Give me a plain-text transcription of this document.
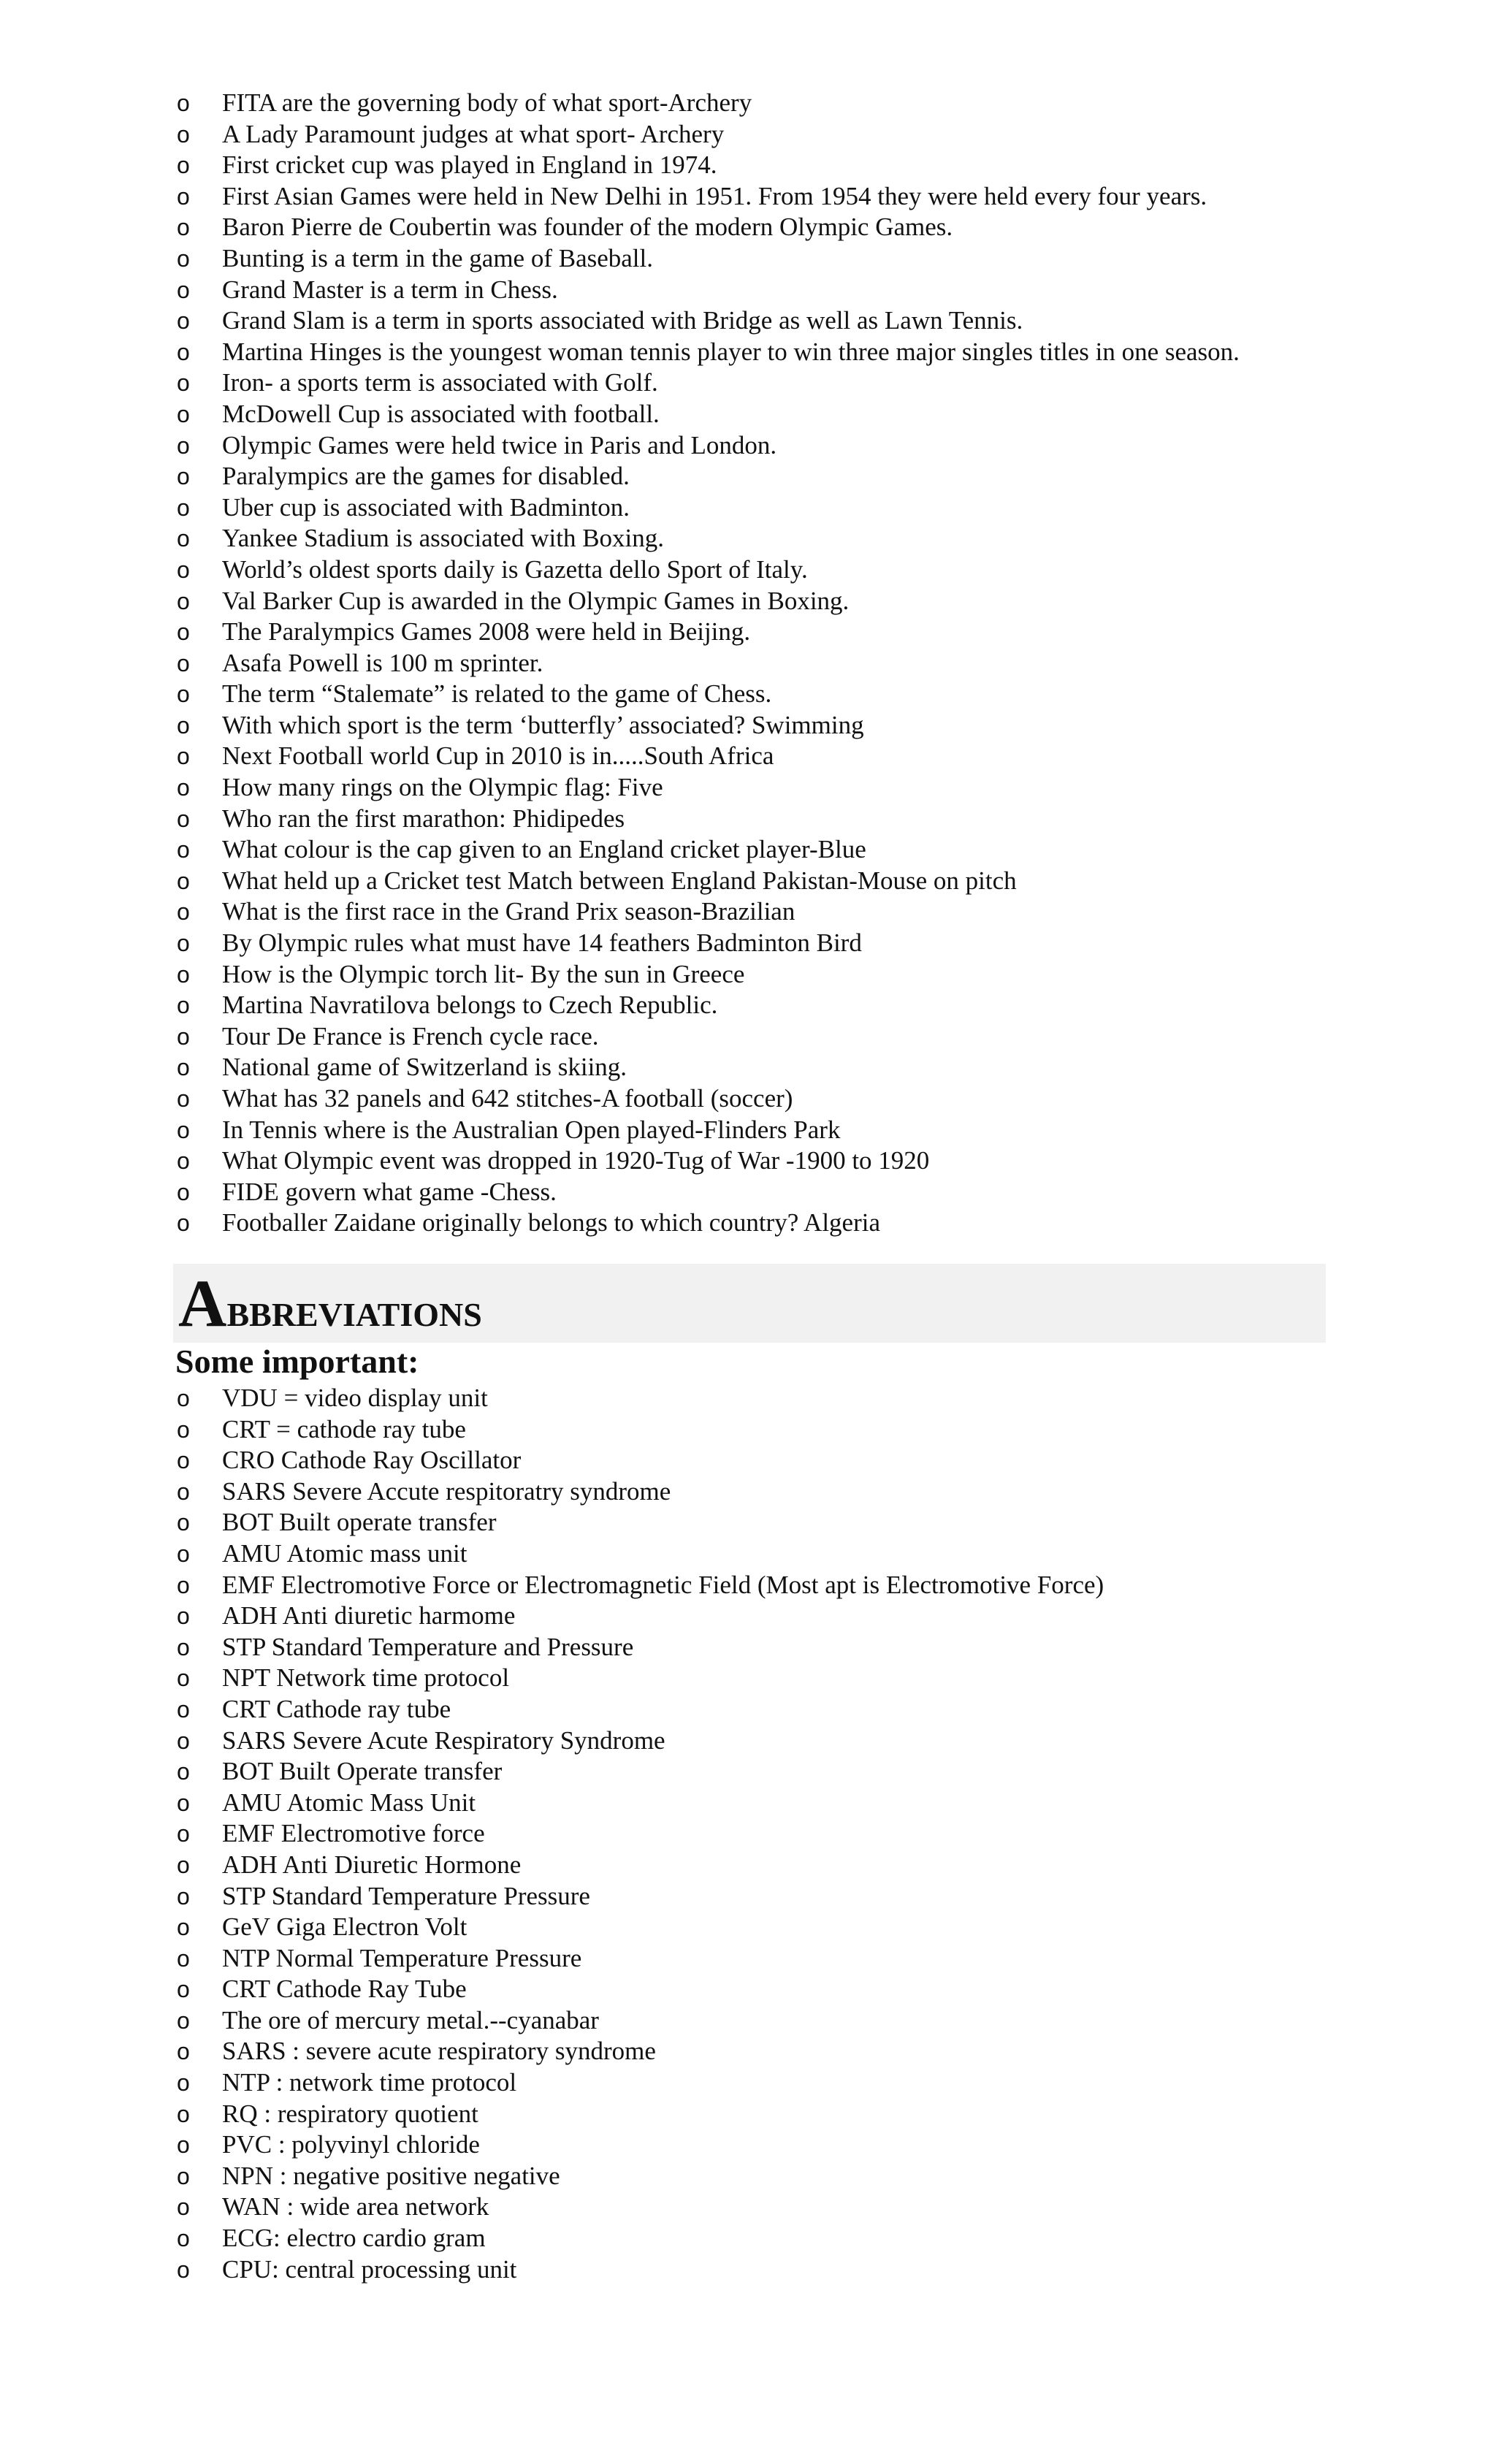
o FITA are the governing body of what sport-Archery
o A Lady Paramount judges at what sport- Archery
o First cricket cup was played in England in 1974.
o First Asian Games were held in New Delhi in 1951. From 1954 they were held every four years.
o Baron Pierre de Coubertin was founder of the modern Olympic Games.
o Bunting is a term in the game of Baseball.
o Grand Master is a term in Chess.
o Grand Slam is a term in sports associated with Bridge as well as Lawn Tennis.
o Martina Hinges is the youngest woman tennis player to win three major singles titles in one season.
o Iron- a sports term is associated with Golf.
o McDowell Cup is associated with football.
o Olympic Games were held twice in Paris and London.
o Paralympics are the games for disabled.
o Uber cup is associated with Badminton.
o Yankee Stadium is associated with Boxing.
o World’s oldest sports daily is Gazetta dello Sport of Italy.
o Val Barker Cup is awarded in the Olympic Games in Boxing.
o The Paralympics Games 2008 were held in Beijing.
o Asafa Powell is 100 m sprinter.
o The term “Stalemate” is related to the game of Chess.
o With which sport is the term ‘butterfly’ associated? Swimming
o Next Football world Cup in 2010 is in.....South Africa
o How many rings on the Olympic flag: Five
o Who ran the first marathon: Phidipedes
o What colour is the cap given to an England cricket player-Blue
o What held up a Cricket test Match between England Pakistan-Mouse on pitch
o What is the first race in the Grand Prix season-Brazilian
o By Olympic rules what must have 14 feathers Badminton Bird
o How is the Olympic torch lit- By the sun in Greece
o Martina Navratilova belongs to Czech Republic.
o Tour De France is French cycle race.
o National game of Switzerland is skiing.
o What has 32 panels and 642 stitches-A football (soccer)
o In Tennis where is the Australian Open played-Flinders Park
o What Olympic event was dropped in 1920-Tug of War -1900 to 1920
o FIDE govern what game -Chess.
o Footballer Zaidane originally belongs to which country? Algeria
ABBREVIATIONS
Some important:
o VDU = video display unit
o CRT = cathode ray tube
o CRO Cathode Ray Oscillator
o SARS Severe Accute respitoratry syndrome
o BOT Built operate transfer
o AMU Atomic mass unit
o EMF Electromotive Force or Electromagnetic Field (Most apt is Electromotive Force)
o ADH Anti diuretic harmome
o STP Standard Temperature and Pressure
o NPT Network time protocol
o CRT Cathode ray tube
o SARS Severe Acute Respiratory Syndrome
o BOT Built Operate transfer
o AMU Atomic Mass Unit
o EMF Electromotive force
o ADH Anti Diuretic Hormone
o STP Standard Temperature Pressure
o GeV Giga Electron Volt
o NTP Normal Temperature Pressure
o CRT Cathode Ray Tube
o The ore of mercury metal.--cyanabar
o SARS : severe acute respiratory syndrome
o NTP : network time protocol
o RQ : respiratory quotient
o PVC : polyvinyl chloride
o NPN : negative positive negative
o WAN : wide area network
o ECG: electro cardio gram
o CPU: central processing unit
